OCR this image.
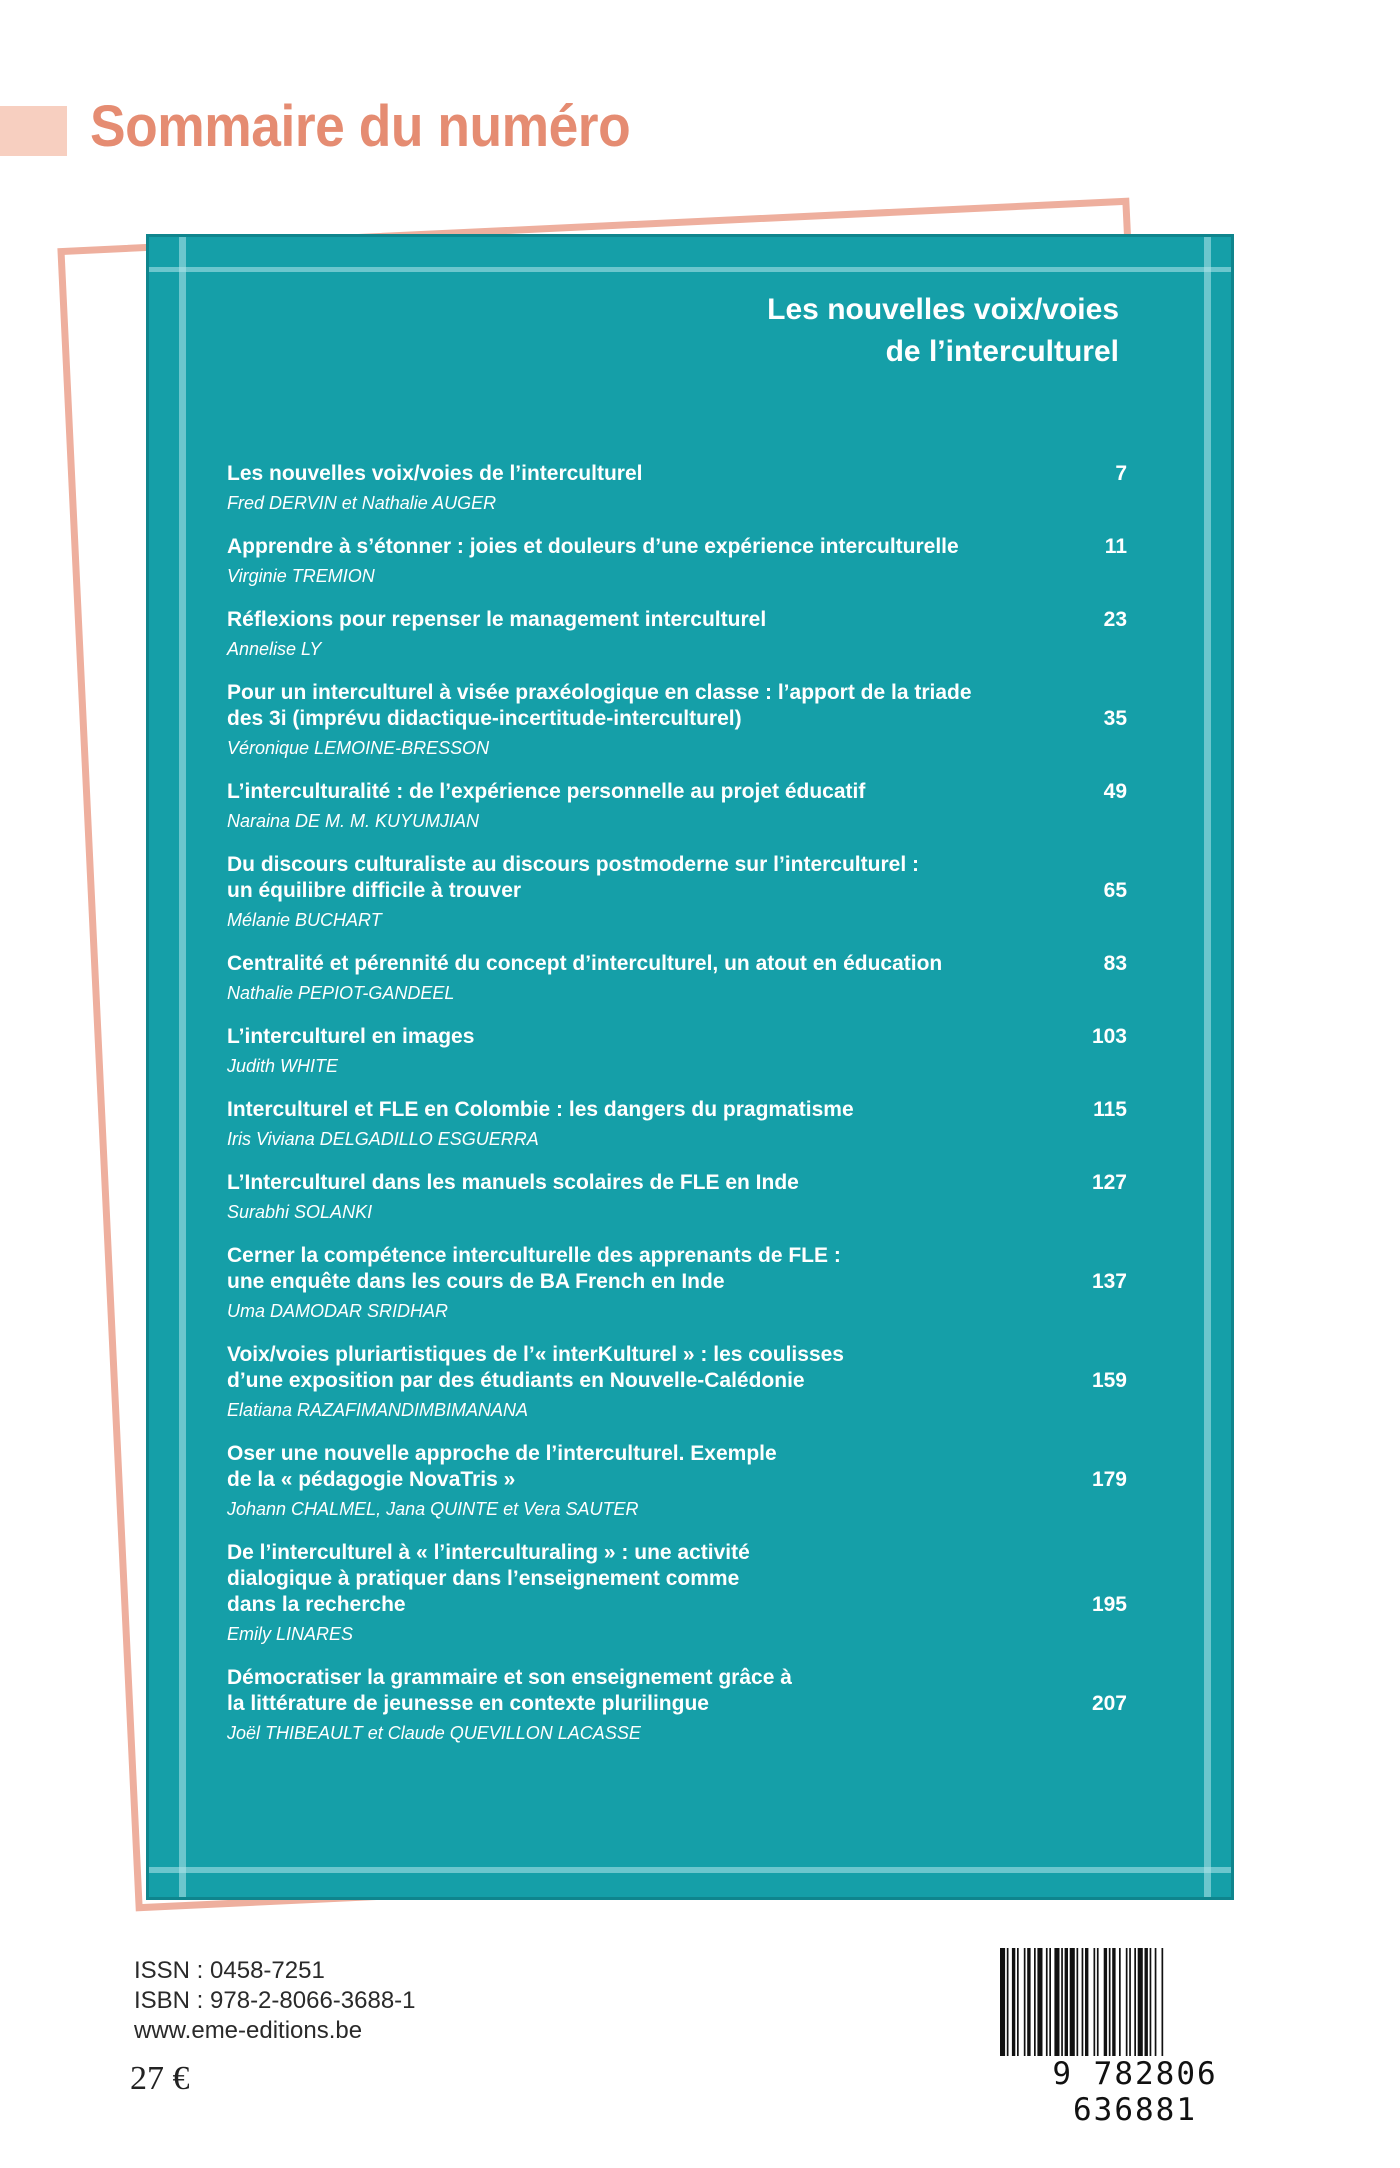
Sommaire du numéro
Les nouvelles voix/voies
de l’interculturel
Les nouvelles voix/voies de l’interculturel	7
Fred DERVIN et Nathalie AUGER
Apprendre à s’étonner : joies et douleurs d’une expérience interculturelle	11
Virginie TREMION
Réflexions pour repenser le management interculturel	23
Annelise LY
Pour un interculturel à visée praxéologique en classe : l’apport de la triade
des 3i (imprévu didactique-incertitude-interculturel)	35
Véronique LEMOINE-BRESSON
L’interculturalité : de l’expérience personnelle au projet éducatif	49
Naraina DE M. M. KUYUMJIAN
Du discours culturaliste au discours postmoderne sur l’interculturel :
un équilibre difficile à trouver	65
Mélanie BUCHART
Centralité et pérennité du concept d’interculturel, un atout en éducation	83
Nathalie PEPIOT-GANDEEL
L’interculturel en images	103
Judith WHITE
Interculturel et FLE en Colombie : les dangers du pragmatisme	115
Iris Viviana DELGADILLO ESGUERRA
L’Interculturel dans les manuels scolaires de FLE en Inde	127
Surabhi SOLANKI
Cerner la compétence interculturelle des apprenants de FLE :
une enquête dans les cours de BA French en Inde	137
Uma DAMODAR SRIDHAR
Voix/voies pluriartistiques de l’« interKulturel » : les coulisses
d’une exposition par des étudiants en Nouvelle-Calédonie	159
Elatiana RAZAFIMANDIMBIMANANA
Oser une nouvelle approche de l’interculturel. Exemple
de la « pédagogie NovaTris »	179
Johann CHALMEL, Jana QUINTE et Vera SAUTER
De l’interculturel à « l’interculturaling » : une activité
dialogique à pratiquer dans l’enseignement comme
dans la recherche	195
Emily LINARES
Démocratiser la grammaire et son enseignement grâce à
la littérature de jeunesse en contexte plurilingue	207
Joël THIBEAULT et Claude QUEVILLON LACASSE
ISSN : 0458-7251
ISBN : 978-2-8066-3688-1
www.eme-editions.be
27 €	9 782806 636881
